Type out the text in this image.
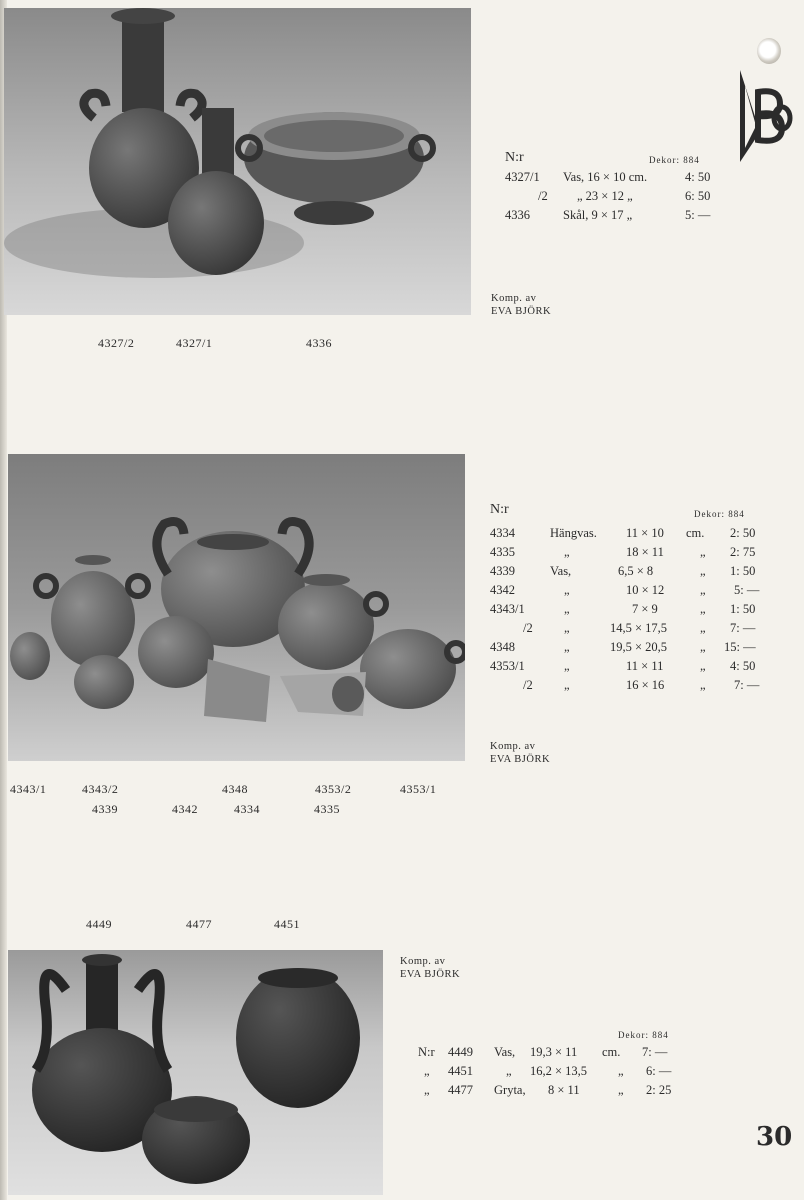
N:r	Dekor: 884
4327/1 Vas, 16 × 10 cm.	4: 50
/2 „ 23 × 12 „	6: 50
4336	Skål, 9 × 17 „	5: —
Komp. av
EVA BJÖRK
4327/2	4327/1	4336
N:r	Dekor: 884
4334	Hängvas. 11 × 10 cm. 2: 50
4335	„	18 × 11	„ 2: 75
4339	Vas,	6,5 × 8	„ 1: 50
4342	„	10 × 12	„ 5: —
4343/1	„	7 × 9	„ 1: 50
/2	„	14,5 × 17,5	„ 7: —
4348	„	19,5 × 20,5	„ 15: —
4353/1	„	11 × 11	„ 4: 50
/2	„	16 × 16	„ 7: —
Komp. av
EVA BJÖRK
4343/1	4343/2	4348	4353/2	4353/1
4339	4342	4334	4335
4449	4477	4451
Komp. av
EVA BJÖRK
Dekor: 884
N:r 4449 Vas, 19,3 × 11 cm. 7: —
„ 4451	„ 16,2 × 13,5 „ 6: —
„ 4477 Gryta, 8 × 11	„ 2: 25
30
